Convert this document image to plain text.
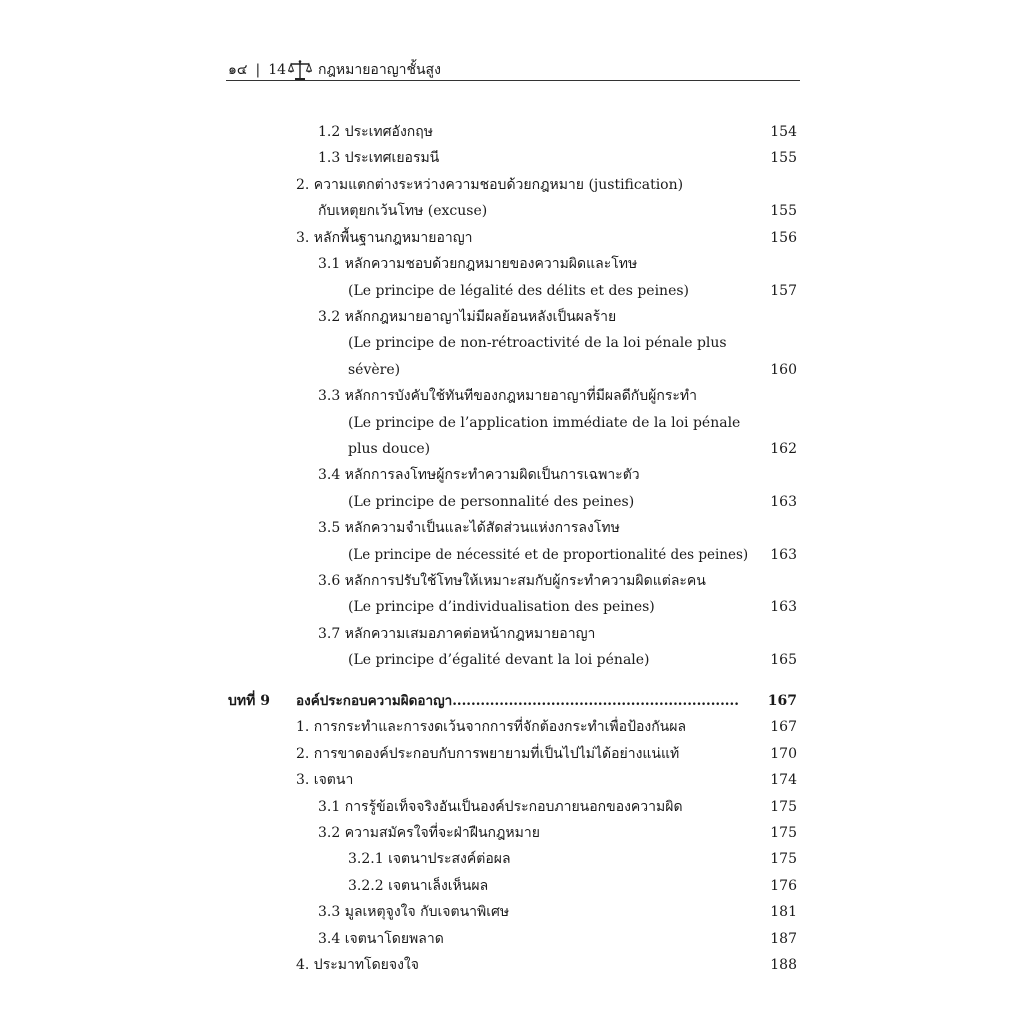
๑๔ | 14 กฎหมายอาญาชั้นสูง
1.2 ประเทศอังกฤษ	154
1.3 ประเทศเยอรมนี	155
2. ความแตกต่างระหว่างความชอบด้วยกฎหมาย (justification)
กับเหตุยกเว้นโทษ (excuse)	155
3. หลักพื้นฐานกฎหมายอาญา	156
3.1 หลักความชอบด้วยกฎหมายของความผิดและโทษ
(Le principe de légalité des délits et des peines)	157
3.2 หลักกฎหมายอาญาไม่มีผลย้อนหลังเป็นผลร้าย
(Le principe de non-rétroactivité de la loi pénale plus
sévère)	160
3.3 หลักการบังคับใช้ทันทีของกฎหมายอาญาที่มีผลดีกับผู้กระทำ
(Le principe de l’application immédiate de la loi pénale
plus douce)	162
3.4 หลักการลงโทษผู้กระทำความผิดเป็นการเฉพาะตัว
(Le principe de personnalité des peines)	163
3.5 หลักความจำเป็นและได้สัดส่วนแห่งการลงโทษ
(Le principe de nécessité et de proportionalité des peines) 163
3.6 หลักการปรับใช้โทษให้เหมาะสมกับผู้กระทำความผิดแต่ละคน
(Le principe d’individualisation des peines)	163
3.7 หลักความเสมอภาคต่อหน้ากฎหมายอาญา
(Le principe d’égalité devant la loi pénale)	165
บทที่ 9 องค์ประกอบความผิดอาญา............................................................. 167
1. การกระทำและการงดเว้นจากการที่จักต้องกระทำเพื่อป้องกันผล	167
2. การขาดองค์ประกอบกับการพยายามที่เป็นไปไม่ได้อย่างแน่แท้	170
3. เจตนา	174
3.1 การรู้ข้อเท็จจริงอันเป็นองค์ประกอบภายนอกของความผิด	175
3.2 ความสมัครใจที่จะฝ่าฝืนกฎหมาย	175
3.2.1 เจตนาประสงค์ต่อผล	175
3.2.2 เจตนาเล็งเห็นผล	176
3.3 มูลเหตุจูงใจ กับเจตนาพิเศษ	181
3.4 เจตนาโดยพลาด	187
4. ประมาทโดยจงใจ	188
